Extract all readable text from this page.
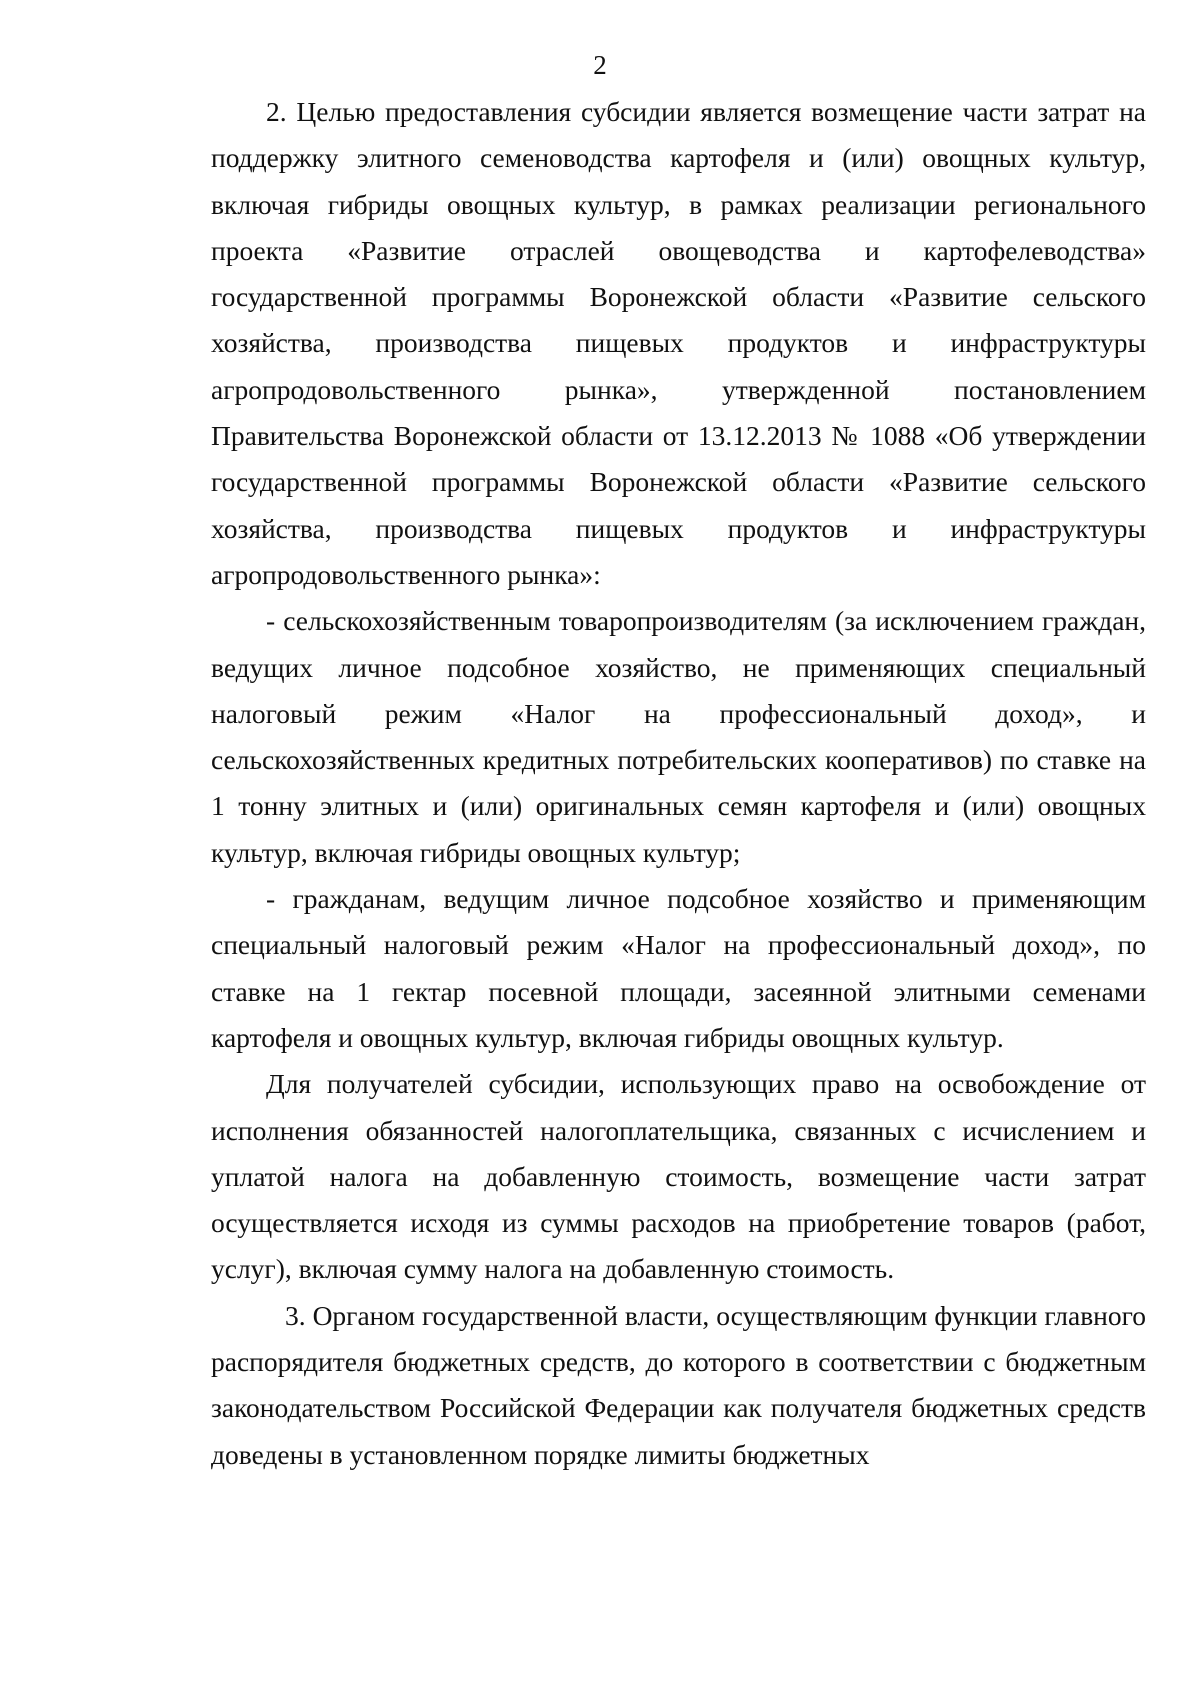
2

2. Целью предоставления субсидии является возмещение части затрат на поддержку элитного семеноводства картофеля и (или) овощных культур, включая гибриды овощных культур, в рамках реализации регионального проекта «Развитие отраслей овощеводства и картофелеводства» государственной программы Воронежской области «Развитие сельского хозяйства, производства пищевых продуктов и инфраструктуры агропродовольственного рынка», утвержденной постановлением Правительства Воронежской области от 13.12.2013 № 1088 «Об утверждении государственной программы Воронежской области «Развитие сельского хозяйства, производства пищевых продуктов и инфраструктуры агропродовольственного рынка»:

- сельскохозяйственным товаропроизводителям (за исключением граждан, ведущих личное подсобное хозяйство, не применяющих специальный налоговый режим «Налог на профессиональный доход», и сельскохозяйственных кредитных потребительских кооперативов) по ставке на 1 тонну элитных и (или) оригинальных семян картофеля и (или) овощных культур, включая гибриды овощных культур;

- гражданам, ведущим личное подсобное хозяйство и применяющим специальный налоговый режим «Налог на профессиональный доход», по ставке на 1 гектар посевной площади, засеянной элитными семенами картофеля и овощных культур, включая гибриды овощных культур.

Для получателей субсидии, использующих право на освобождение от исполнения обязанностей налогоплательщика, связанных с исчислением и уплатой налога на добавленную стоимость, возмещение части затрат осуществляется исходя из суммы расходов на приобретение товаров (работ, услуг), включая сумму налога на добавленную стоимость.

3. Органом государственной власти, осуществляющим функции главного распорядителя бюджетных средств, до которого в соответствии с бюджетным законодательством Российской Федерации как получателя бюджетных средств доведены в установленном порядке лимиты бюджетных
